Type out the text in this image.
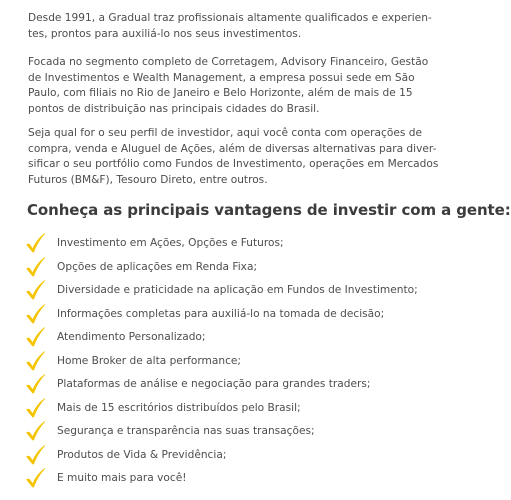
Desde 1991, a Gradual traz profissionais altamente qualificados e experien-
tes, prontos para auxiliá-lo nos seus investimentos.

Focada no segmento completo de Corretagem, Advisory Financeiro, Gestão
de Investimentos e Wealth Management, a empresa possui sede em São
Paulo, com filiais no Rio de Janeiro e Belo Horizonte, além de mais de 15
pontos de distribuição nas principais cidades do Brasil.

Seja qual for o seu perfil de investidor, aqui você conta com operações de
compra, venda e Aluguel de Ações, além de diversas alternativas para diver-
sificar o seu portfólio como Fundos de Investimento, operações em Mercados
Futuros (BM&F), Tesouro Direto, entre outros.

Conheça as principais vantagens de investir com a gente:
Investimento em Ações, Opções e Futuros;
Opções de aplicações em Renda Fixa;
Diversidade e praticidade na aplicação em Fundos de Investimento;
Informações completas para auxiliá-lo na tomada de decisão;
Atendimento Personalizado;
Home Broker de alta performance;
Plataformas de análise e negociação para grandes traders;
Mais de 15 escritórios distribuídos pelo Brasil;
Segurança e transparência nas suas transações;
Produtos de Vida & Previdência;
E muito mais para você!
